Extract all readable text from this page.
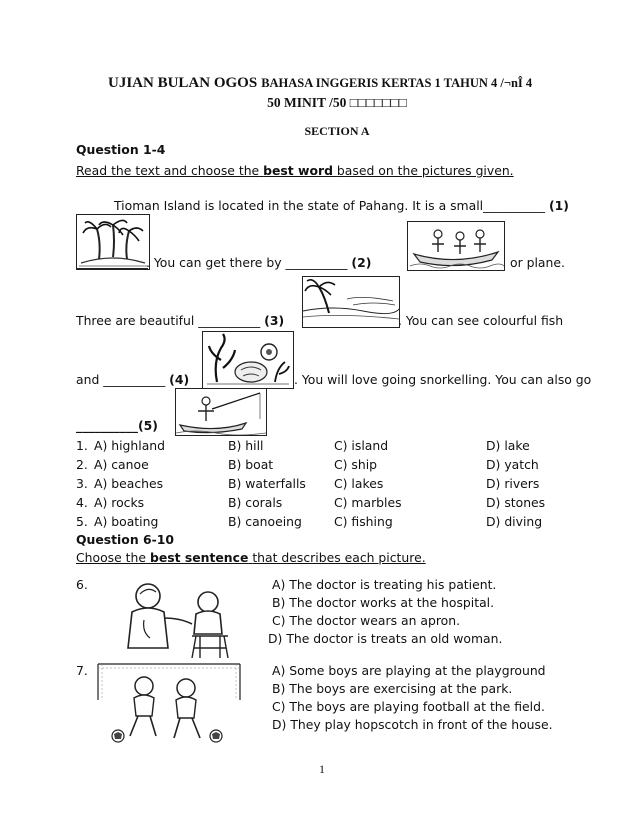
UJIAN BULAN OGOS BAHASA INGGERIS KERTAS 1 TAHUN 4 /¬nÎ 4
50 MINIT /50 □□□□□□□
SECTION A
Question 1-4
Read the text and choose the best word based on the pictures given.
Tioman Island is located in the state of Pahang. It is a small__________ (1)
. You can get there by __________ (2)	or plane.
Three are beautiful __________ (3)	. You can see colourful fish
and __________ (4)	. You will love going snorkelling. You can also go
__________(5)
1. A) highland	B) hill	C) island	D) lake
2. A) canoe	B) boat	C) ship	D) yatch
3. A) beaches	B) waterfalls C) lakes	D) rivers
4. A) rocks	B) corals	C) marbles	D) stones
5. A) boating	B) canoeing	C) fishing	D) diving
Question 6-10
Choose the best sentence that describes each picture.
6.	A) The doctor is treating his patient.
B) The doctor works at the hospital.
C) The doctor wears an apron.
D) The doctor is treats an old woman.
7.	A) Some boys are playing at the playground
B) The boys are exercising at the park.
C) The boys are playing football at the field.
D) They play hopscotch in front of the house.
1
